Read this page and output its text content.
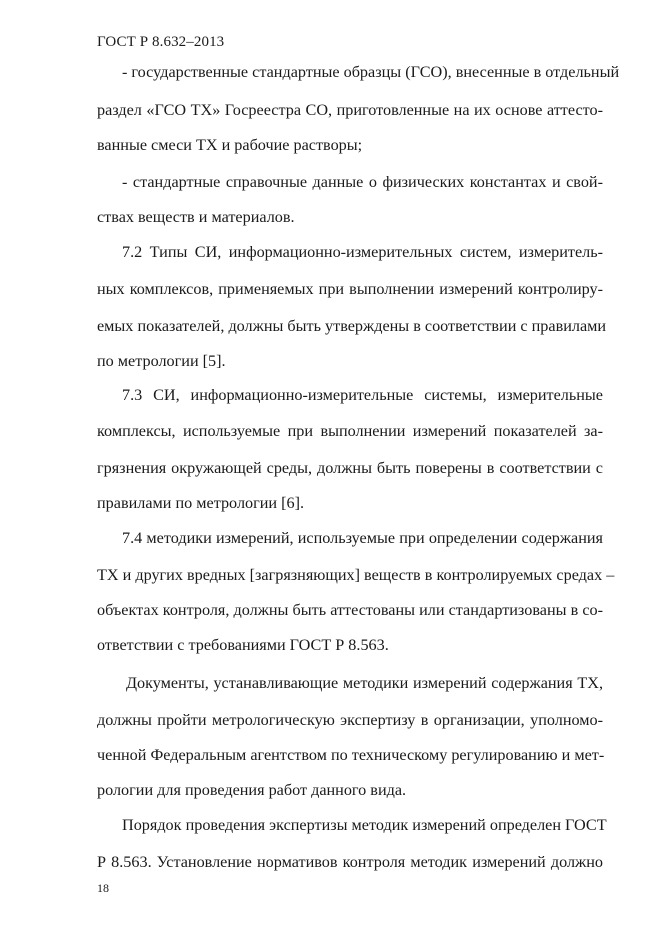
ГОСТ Р 8.632–2013
- государственные стандартные образцы (ГСО), внесенные в отдельный
раздел «ГСО ТХ» Госреестра СО, приготовленные на их основе аттесто-
ванные смеси ТХ и рабочие растворы;
- стандартные справочные данные о физических константах и свой-
ствах веществ и материалов.
7.2 Типы СИ, информационно-измерительных систем, измеритель-
ных комплексов, применяемых при выполнении измерений контролиру-
емых показателей, должны быть утверждены в соответствии с правилами
по метрологии [5].
7.3 СИ, информационно-измерительные системы, измерительные
комплексы, используемые при выполнении измерений показателей за-
грязнения окружающей среды, должны быть поверены в соответствии с
правилами по метрологии [6].
7.4 методики измерений, используемые при определении содержания
ТХ и других вредных [загрязняющих] веществ в контролируемых средах –
объектах контроля, должны быть аттестованы или стандартизованы в со-
ответствии с требованиями ГОСТ Р 8.563.
Документы, устанавливающие методики измерений содержания ТХ,
должны пройти метрологическую экспертизу в организации, уполномо-
ченной Федеральным агентством по техническому регулированию и мет-
рологии для проведения работ данного вида.
Порядок проведения экспертизы методик измерений определен ГОСТ
Р 8.563. Установление нормативов контроля методик измерений должно
18
